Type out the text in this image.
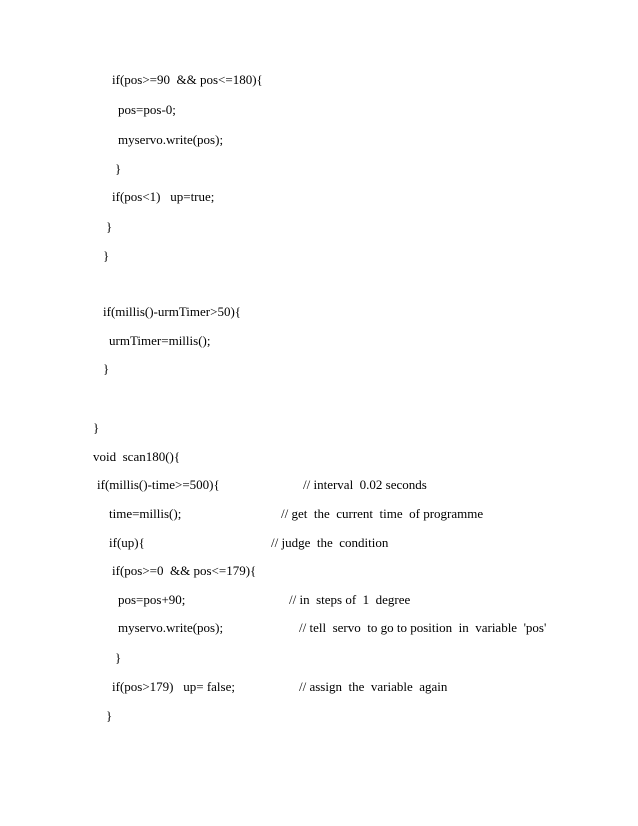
if(pos>=90  && pos<=180){
pos=pos-0;
myservo.write(pos);
}
if(pos<1)   up=true;
}
}
if(millis()-urmTimer>50){
urmTimer=millis();
}
}
void  scan180(){
if(millis()-time>=500){	// interval  0.02 seconds
time=millis();	// get  the  current  time  of programme
if(up){	// judge  the  condition
if(pos>=0  && pos<=179){
pos=pos+90;	// in  steps of  1  degree
myservo.write(pos);	// tell  servo  to go to position  in  variable  'pos'
}
if(pos>179)   up= false;	// assign  the  variable  again
}
